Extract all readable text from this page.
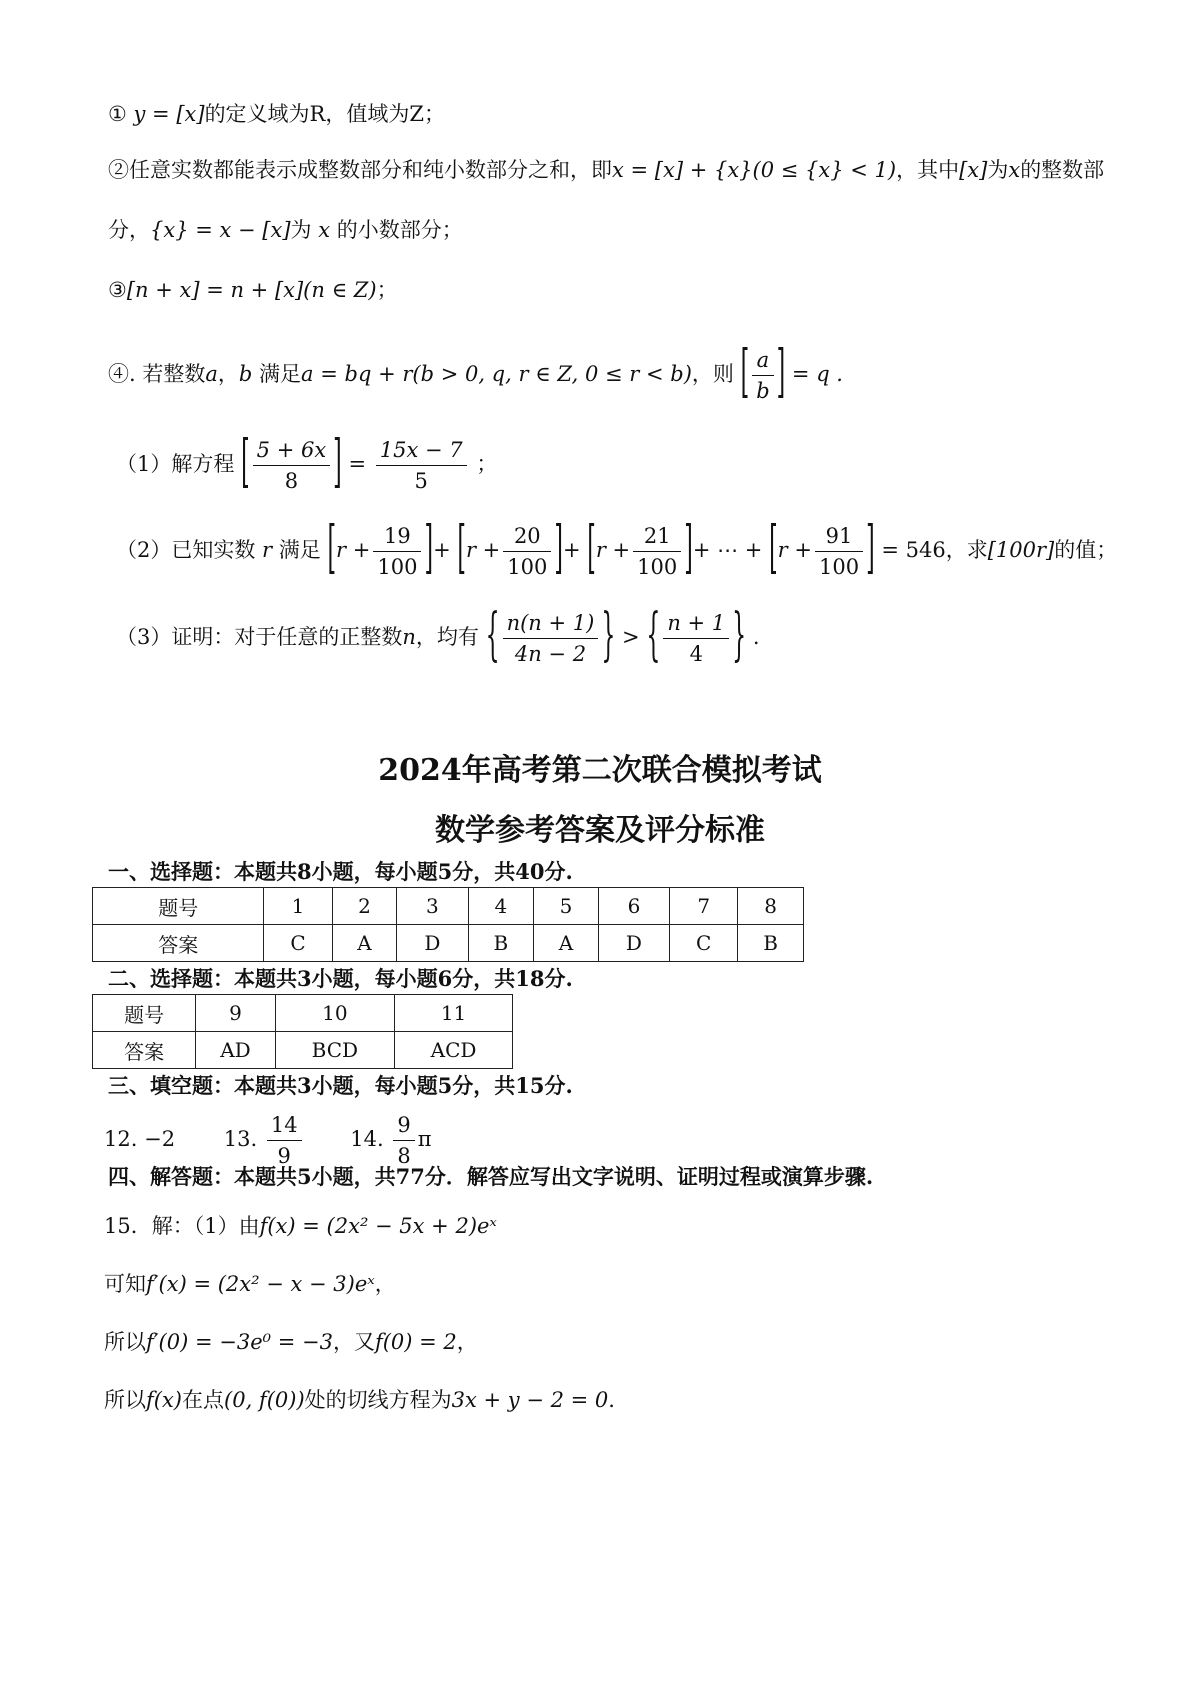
① y = [x]的定义域为R，值域为Z；
②任意实数都能表示成整数部分和纯小数部分之和，即x = [x] + {x}(0 ≤ {x} < 1)，其中[x]为x的整数部
分，{x} = x − [x]为 x 的小数部分；
③[n + x] = n + [x](n ∈ Z)；
④. 若整数a，b 满足a = bq + r(b > 0, q, r ∈ Z, 0 ≤ r < b)，则 [ $\frac{a}{b}$ ] = q .
（1）解方程 [ $\frac{5 + 6x}{8}$ ] = $\frac{15x - 7}{5}$ ；
（2）已知实数 r 满足 [$r + \frac{19}{100}$ ]+ [$r + \frac{20}{100}$ ]+ [$r + \frac{21}{100}$ ]+ ⋯ + [$r + \frac{91}{100}$ ] = 546，求[100r]的值；
（3）证明：对于任意的正整数n，均有 { $\frac{n(n + 1)}{4n - 2}$ } > { $\frac{n + 1}{4}$ } .
2024年高考第二次联合模拟考试
数学参考答案及评分标准
一、选择题：本题共8小题，每小题5分，共40分.
题号	1	2	3	4	5	6	7	8
答案	C	A	D	B	A	D	C	B
二、选择题：本题共3小题，每小题6分，共18分.
题号	9	10	11
答案	AD	BCD	ACD
三、填空题：本题共3小题，每小题5分，共15分.
12. −2 13. $\frac{14}{9} 14$. $\frac{9}{8}$ π
四、解答题：本题共5小题，共77分．解答应写出文字说明、证明过程或演算步骤.
15．解：（1）由f(x) = (2x² − 5x + 2)eˣ
可知f′(x) = (2x² − x − 3)eˣ，
所以f′(0) = −3e⁰ = −3，又f(0) = 2，
所以f(x)在点(0, f(0))处的切线方程为3x + y − 2 = 0.
